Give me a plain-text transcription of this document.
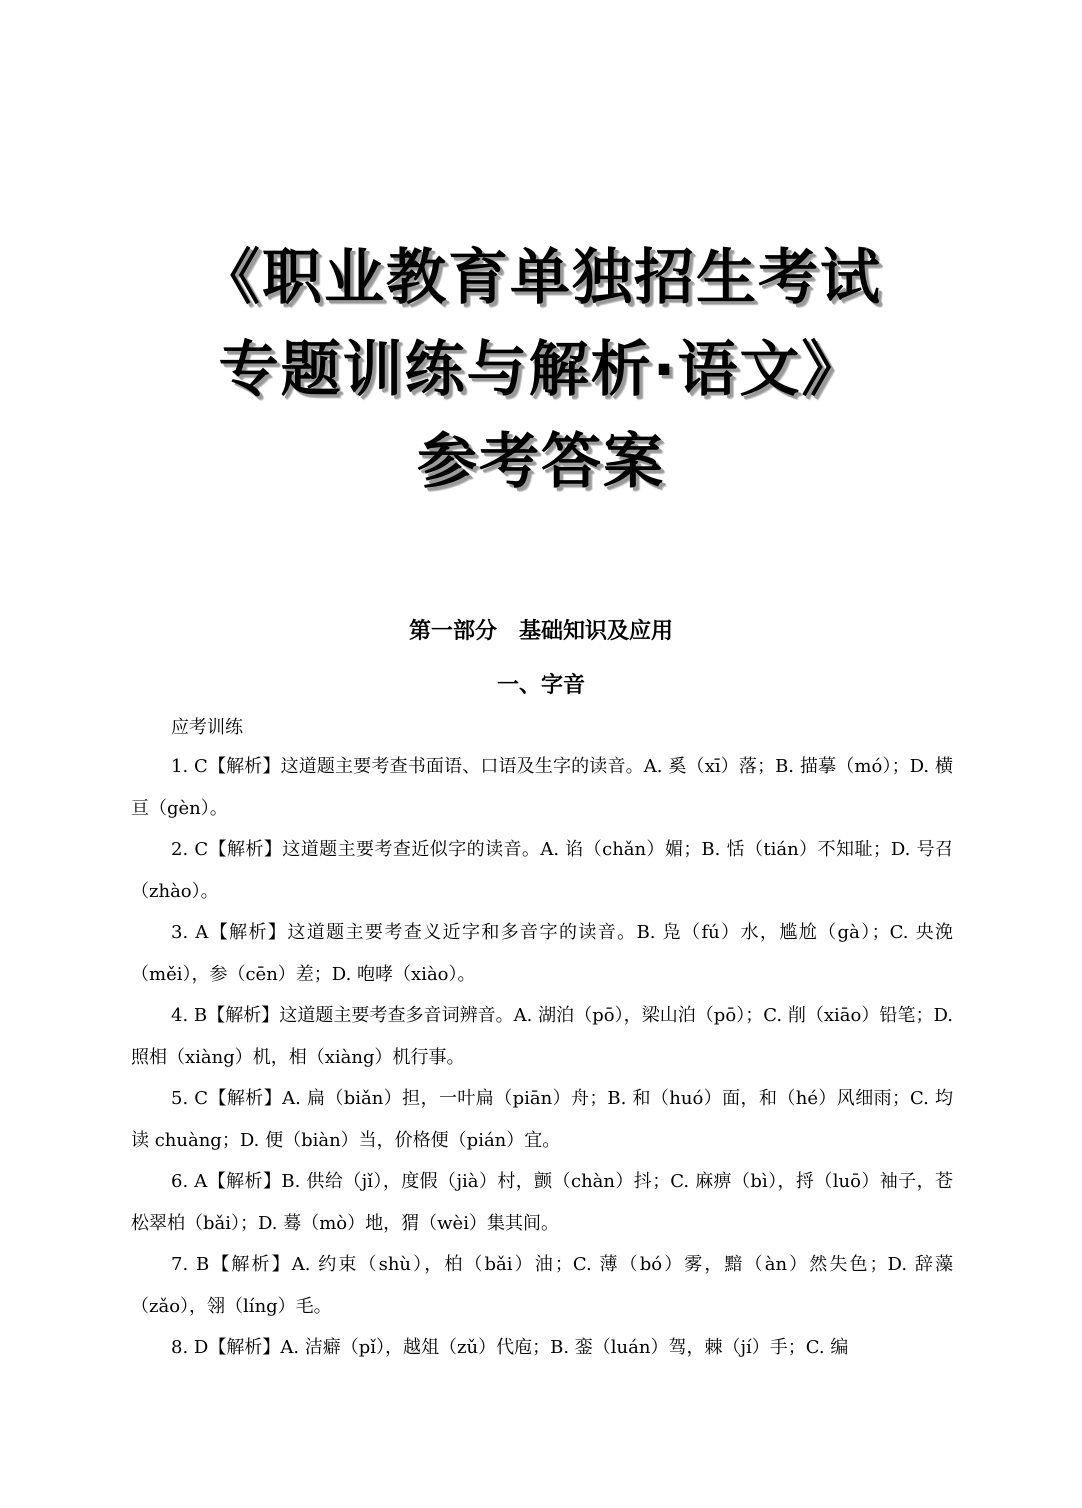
《职业教育单独招生考试
专题训练与解析·语文》
参考答案
第一部分　基础知识及应用
一、字音
应考训练

1. C【解析】这道题主要考查书面语、口语及生字的读音。A. 奚（xī）落；B. 描摹（mó）；D. 横亘（gèn）。

2. C【解析】这道题主要考查近似字的读音。A. 谄（chǎn）媚；B. 恬（tián）不知耻；D. 号召（zhào）。

3. A【解析】这道题主要考查义近字和多音字的读音。B. 凫（fú）水，尴尬（gà）；C. 央浼（měi），参（cēn）差；D. 咆哮（xiào）。

4. B【解析】这道题主要考查多音词辨音。A. 湖泊（pō），梁山泊（pō）；C. 削（xiāo）铅笔；D. 照相（xiàng）机，相（xiàng）机行事。

5. C【解析】A. 扁（biǎn）担，一叶扁（piān）舟；B. 和（huó）面，和（hé）风细雨；C. 均读 chuàng；D. 便（biàn）当，价格便（pián）宜。

6. A【解析】B. 供给（jǐ），度假（jià）村，颤（chàn）抖；C. 麻痹（bì），捋（luō）袖子，苍松翠柏（bǎi）；D. 蓦（mò）地，猬（wèi）集其间。

7. B【解析】A. 约束（shù），柏（bǎi）油；C. 薄（bó）雾，黯（àn）然失色；D. 辞藻（zǎo），翎（líng）毛。

8. D【解析】A. 洁癖（pǐ），越俎（zǔ）代庖；B. 銮（luán）驾，棘（jí）手；C. 编
